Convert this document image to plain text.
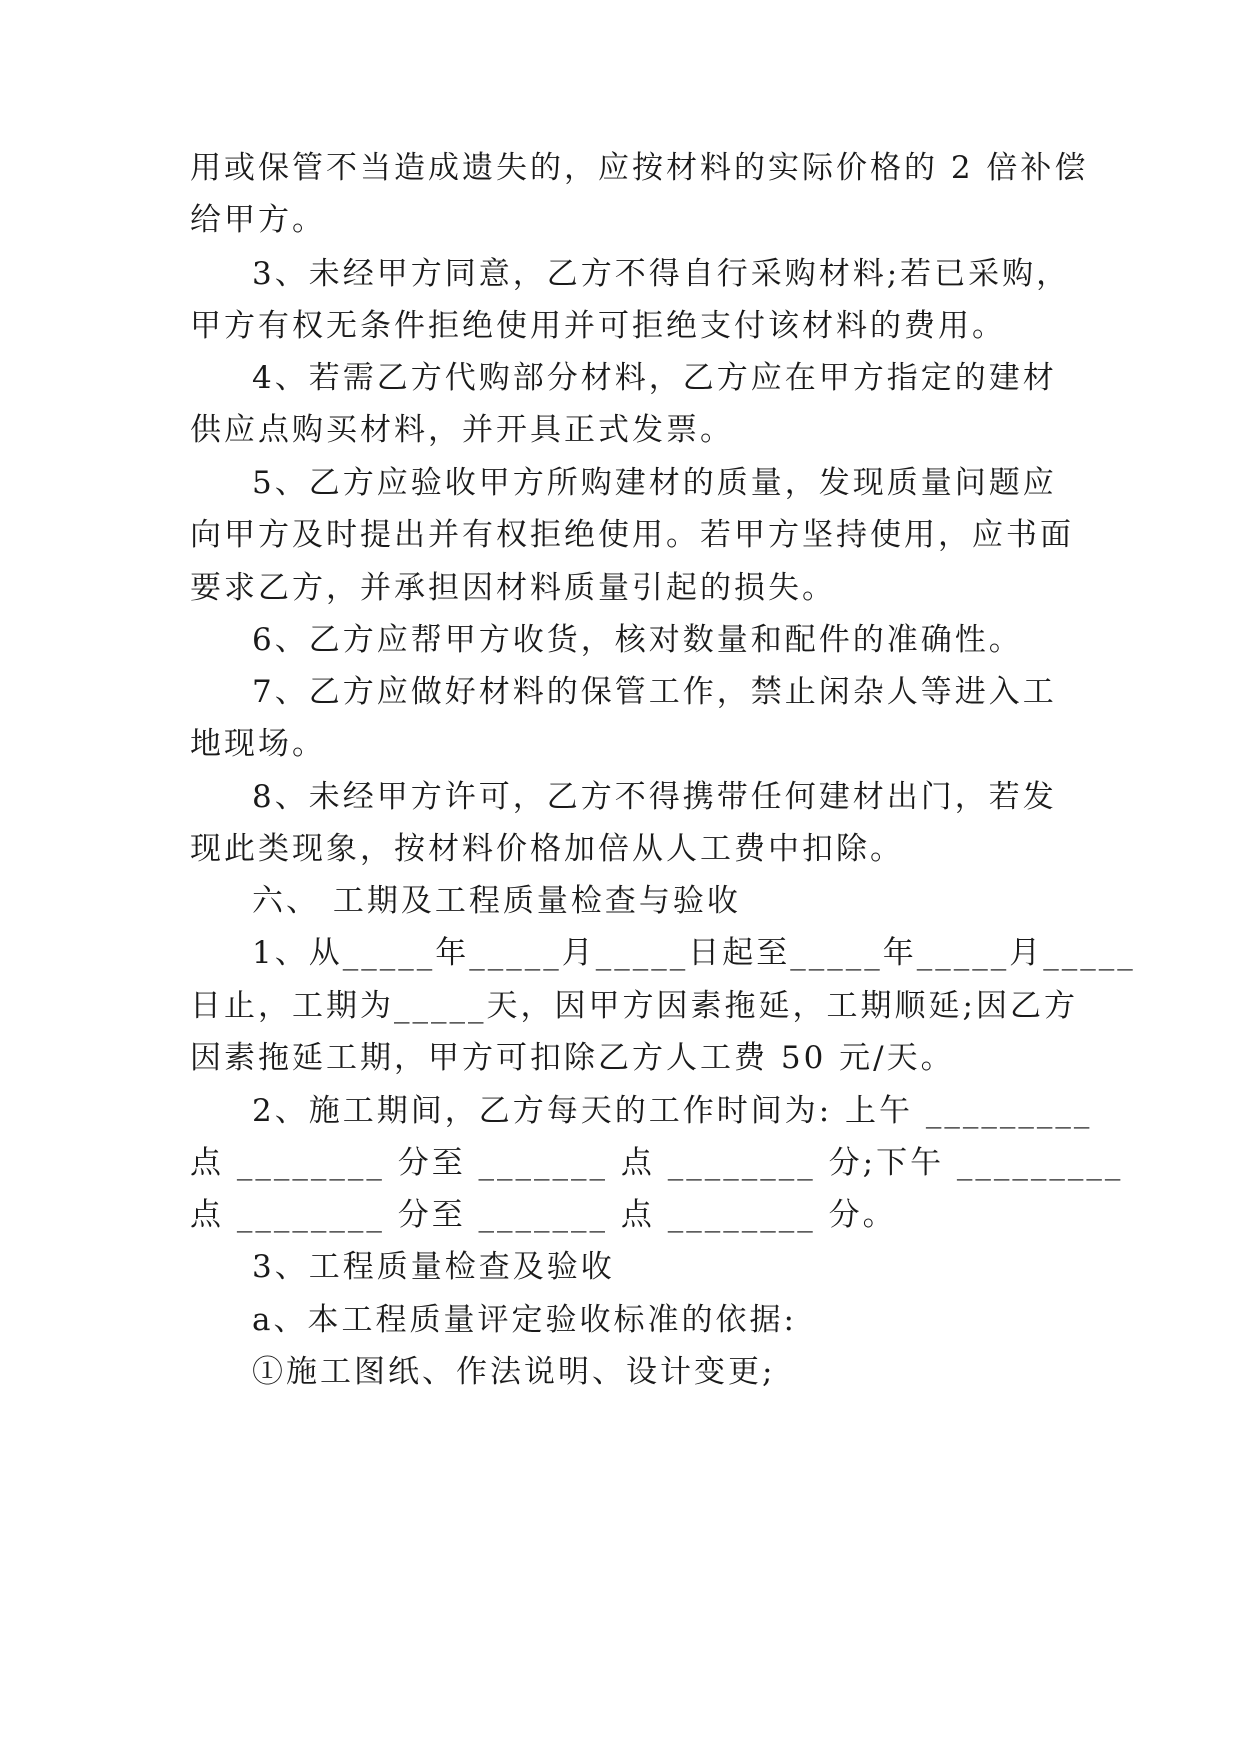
用或保管不当造成遗失的，应按材料的实际价格的 2 倍补偿
给甲方。
3、未经甲方同意，乙方不得自行采购材料;若已采购，
甲方有权无条件拒绝使用并可拒绝支付该材料的费用。
4、若需乙方代购部分材料，乙方应在甲方指定的建材
供应点购买材料，并开具正式发票。
5、乙方应验收甲方所购建材的质量，发现质量问题应
向甲方及时提出并有权拒绝使用。若甲方坚持使用，应书面
要求乙方，并承担因材料质量引起的损失。
6、乙方应帮甲方收货，核对数量和配件的准确性。
7、乙方应做好材料的保管工作，禁止闲杂人等进入工
地现场。
8、未经甲方许可，乙方不得携带任何建材出门，若发
现此类现象，按材料价格加倍从人工费中扣除。
六、 工期及工程质量检查与验收
1、从_____年_____月_____日起至_____年_____月_____
日止，工期为_____天，因甲方因素拖延，工期顺延;因乙方
因素拖延工期，甲方可扣除乙方人工费 50 元/天。
2、施工期间，乙方每天的工作时间为: 上午 _________
点 ________ 分至 _______ 点 ________ 分;下午 _________
点 ________ 分至 _______ 点 ________ 分。
3、工程质量检查及验收
a、本工程质量评定验收标准的依据:
①施工图纸、作法说明、设计变更;
